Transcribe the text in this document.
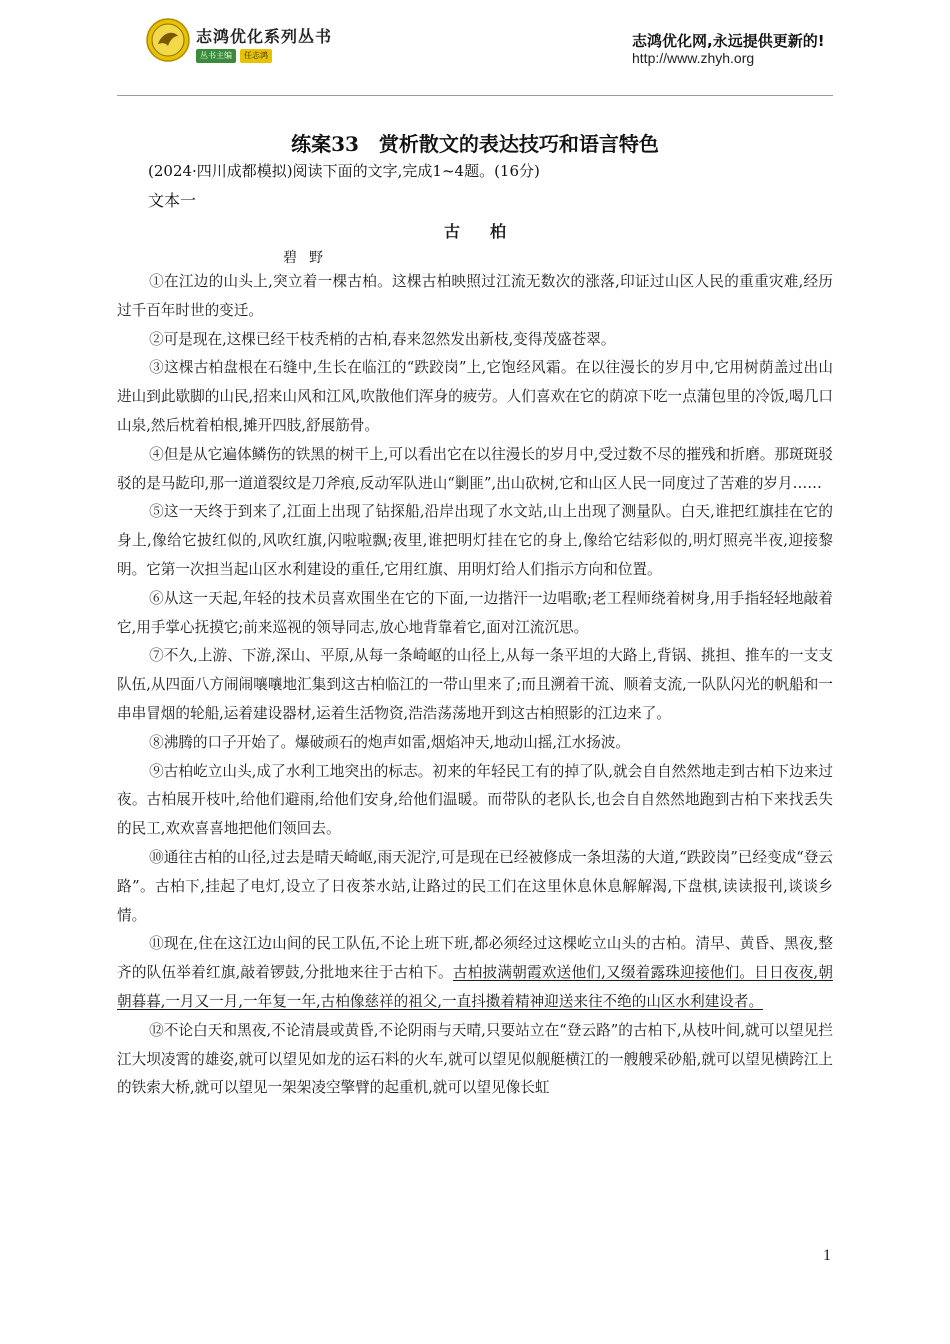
志鸿优化系列丛书
丛书主编	任志鸿
志鸿优化网,永远提供更新的!
http://www.zhyh.org
练案33　赏析散文的表达技巧和语言特色
(2024·四川成都模拟)阅读下面的文字,完成1~4题。(16分)
文本一
古柏
碧野

①在江边的山头上,突立着一棵古柏。这棵古柏映照过江流无数次的涨落,印证过山区人民的重重灾难,经历过千百年时世的变迁。

②可是现在,这棵已经干枝秃梢的古柏,春来忽然发出新枝,变得茂盛苍翠。

③这棵古柏盘根在石缝中,生长在临江的“跌跤岗”上,它饱经风霜。在以往漫长的岁月中,它用树荫盖过出山进山到此歇脚的山民,招来山风和江风,吹散他们浑身的疲劳。人们喜欢在它的荫凉下吃一点蒲包里的冷饭,喝几口山泉,然后枕着柏根,摊开四肢,舒展筋骨。

④但是从它遍体鳞伤的铁黑的树干上,可以看出它在以往漫长的岁月中,受过数不尽的摧残和折磨。那斑斑驳驳的是马龁印,那一道道裂纹是刀斧痕,反动军队进山“剿匪”,出山砍树,它和山区人民一同度过了苦难的岁月……

⑤这一天终于到来了,江面上出现了钻探船,沿岸出现了水文站,山上出现了测量队。白天,谁把红旗挂在它的身上,像给它披红似的,风吹红旗,闪啦啦飘;夜里,谁把明灯挂在它的身上,像给它结彩似的,明灯照亮半夜,迎接黎明。它第一次担当起山区水利建设的重任,它用红旗、用明灯给人们指示方向和位置。

⑥从这一天起,年轻的技术员喜欢围坐在它的下面,一边揩汗一边唱歌;老工程师绕着树身,用手指轻轻地敲着它,用手掌心抚摸它;前来巡视的领导同志,放心地背靠着它,面对江流沉思。

⑦不久,上游、下游,深山、平原,从每一条崎岖的山径上,从每一条平坦的大路上,背锅、挑担、推车的一支支队伍,从四面八方闹闹嚷嚷地汇集到这古柏临江的一带山里来了;而且溯着干流、顺着支流,一队队闪光的帆船和一串串冒烟的轮船,运着建设器材,运着生活物资,浩浩荡荡地开到这古柏照影的江边来了。

⑧沸腾的口子开始了。爆破顽石的炮声如雷,烟焰冲天,地动山摇,江水扬波。

⑨古柏屹立山头,成了水利工地突出的标志。初来的年轻民工有的掉了队,就会自自然然地走到古柏下边来过夜。古柏展开枝叶,给他们避雨,给他们安身,给他们温暖。而带队的老队长,也会自自然然地跑到古柏下来找丢失的民工,欢欢喜喜地把他们领回去。

⑩通往古柏的山径,过去是晴天崎岖,雨天泥泞,可是现在已经被修成一条坦荡的大道,“跌跤岗”已经变成“登云路”。古柏下,挂起了电灯,设立了日夜茶水站,让路过的民工们在这里休息休息解解渴,下盘棋,读读报刊,谈谈乡情。

⑪现在,住在这江边山间的民工队伍,不论上班下班,都必须经过这棵屹立山头的古柏。清早、黄昏、黑夜,整齐的队伍举着红旗,敲着锣鼓,分批地来往于古柏下。古柏披满朝霞欢送他们,又缀着露珠迎接他们。日日夜夜,朝朝暮暮,一月又一月,一年复一年,古柏像慈祥的祖父,一直抖擞着精神迎送来往不绝的山区水利建设者。

⑫不论白天和黑夜,不论清晨或黄昏,不论阴雨与天晴,只要站立在“登云路”的古柏下,从枝叶间,就可以望见拦江大坝凌霄的雄姿,就可以望见如龙的运石料的火车,就可以望见似舰艇横江的一艘艘采砂船,就可以望见横跨江上的铁索大桥,就可以望见一架架凌空擎臂的起重机,就可以望见像长虹

1
